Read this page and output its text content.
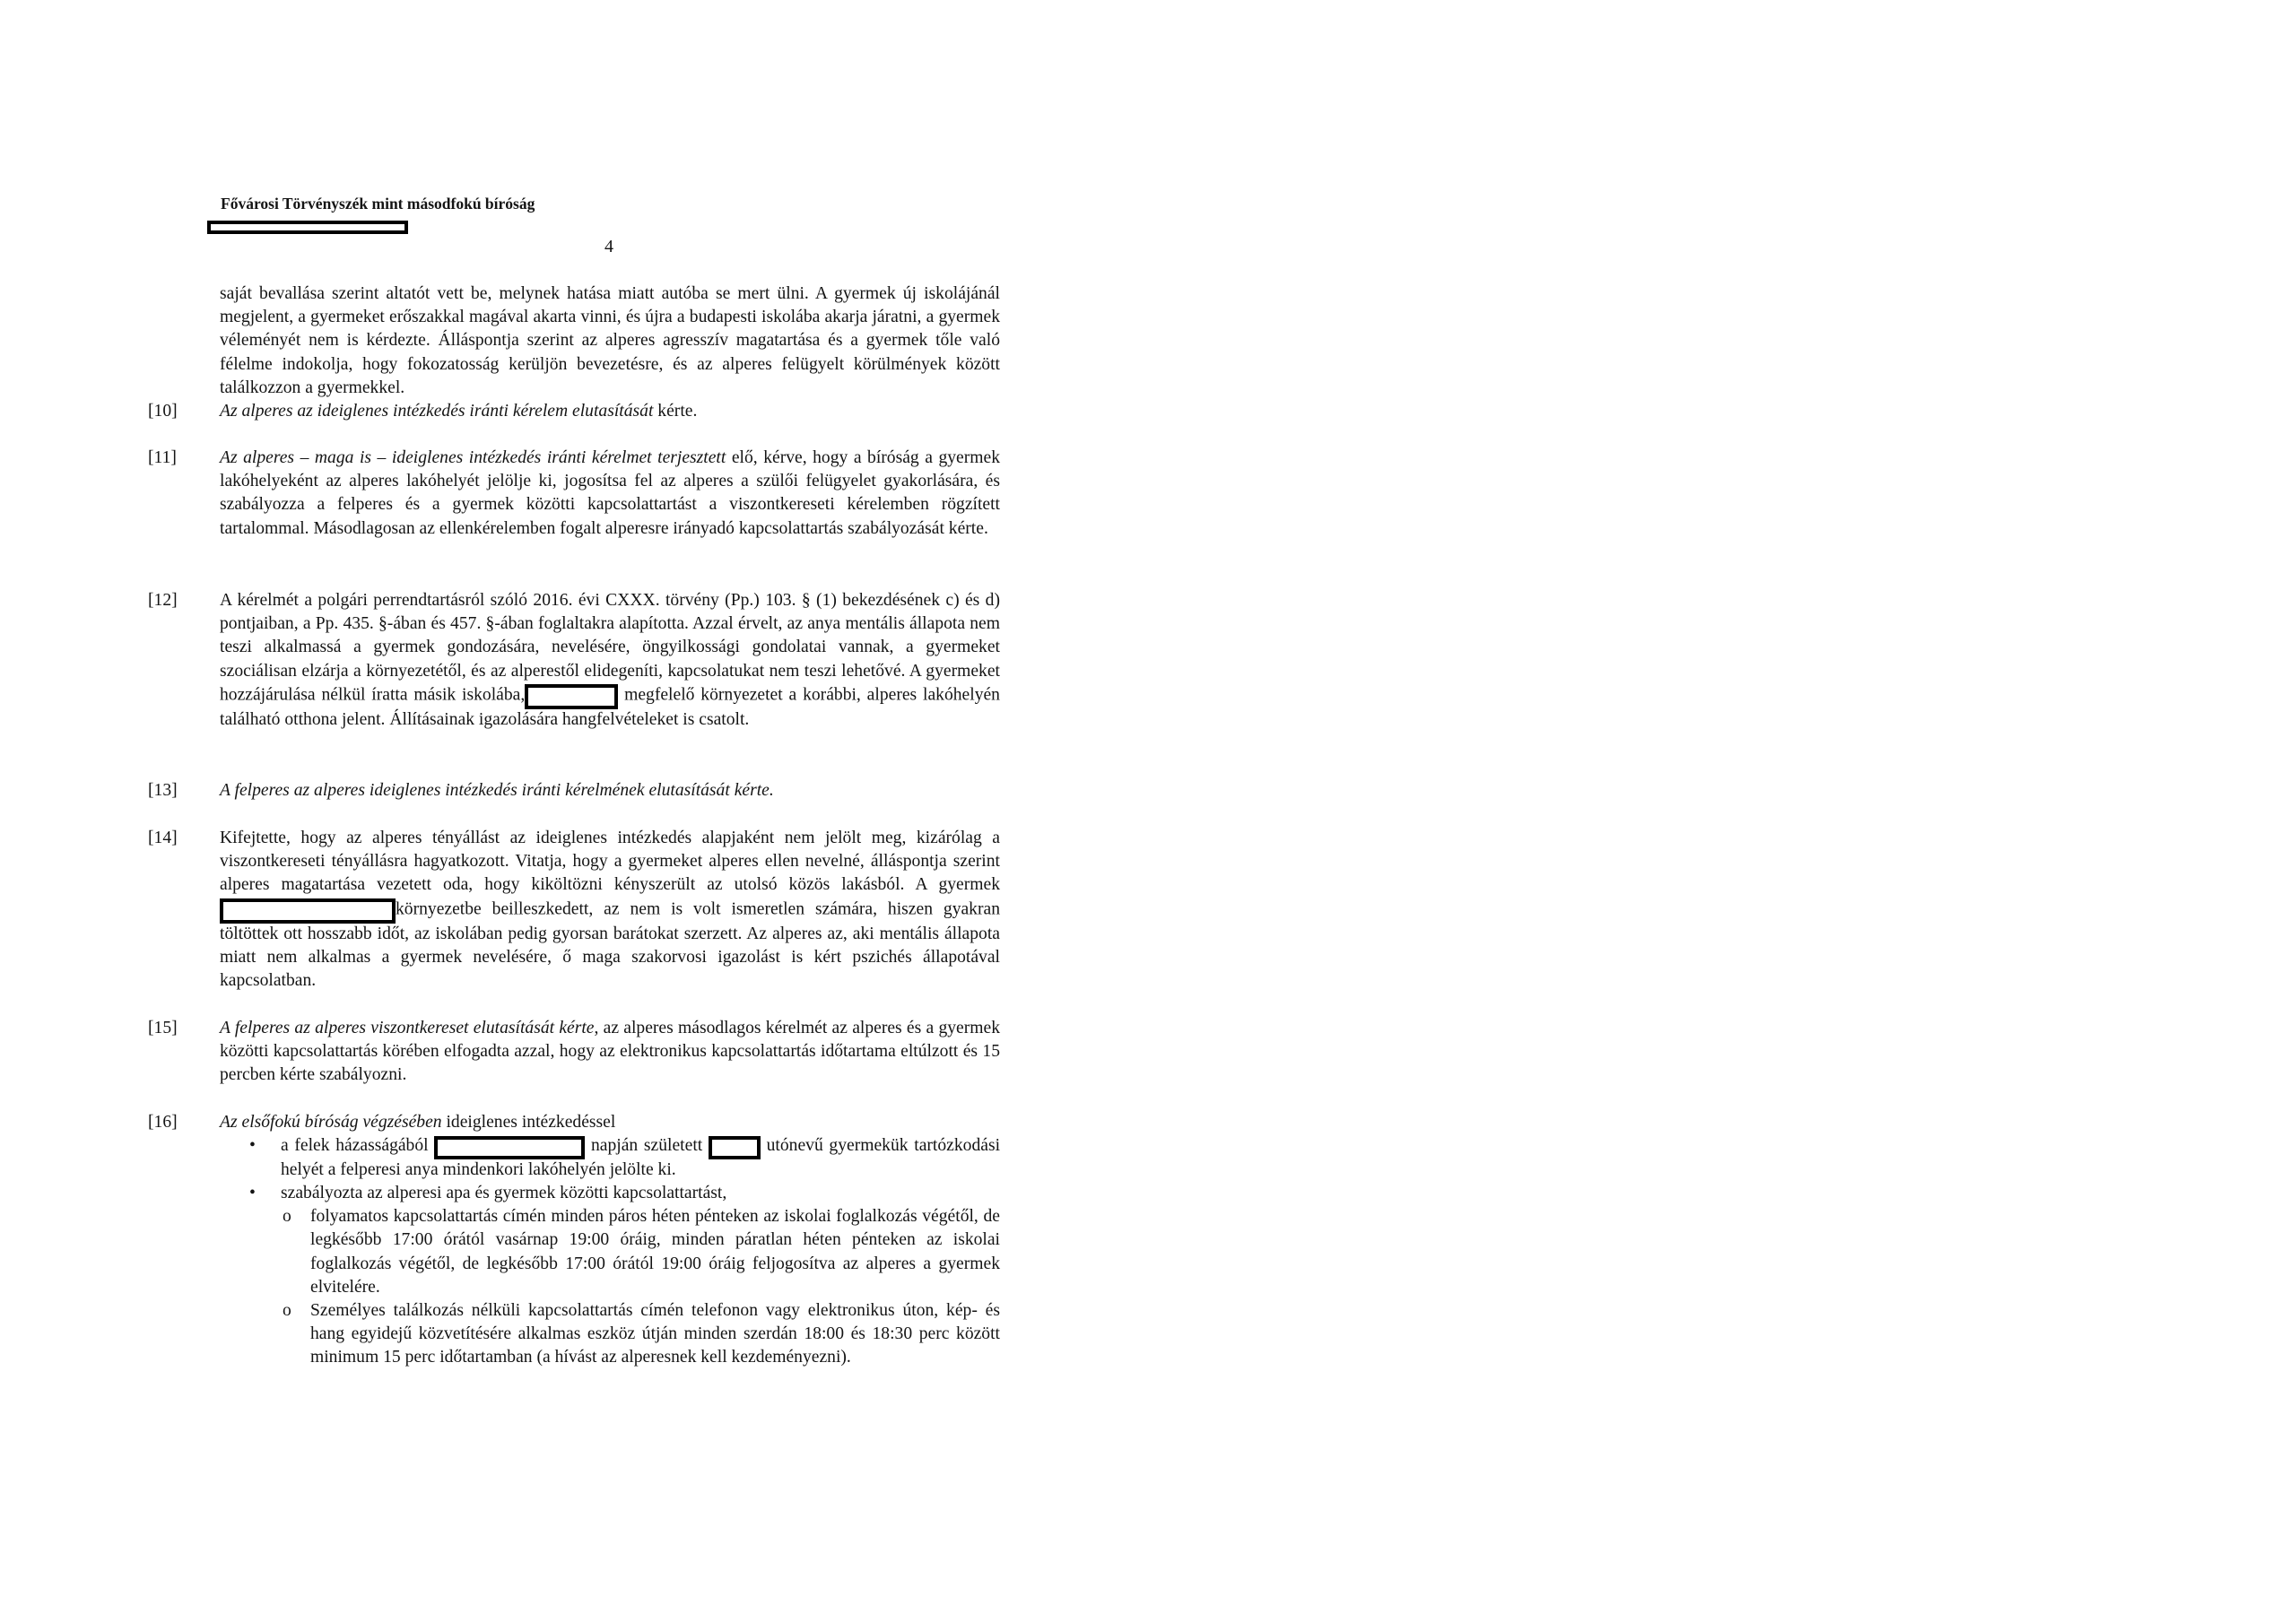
Fővárosi Törvényszék mint másodfokú bíróság
4
saját bevallása szerint altatót vett be, melynek hatása miatt autóba se mert ülni. A gyermek új iskolájánál megjelent, a gyermeket erőszakkal magával akarta vinni, és újra a budapesti iskolába akarja járatni, a gyermek véleményét nem is kérdezte. Álláspontja szerint az alperes agresszív magatartása és a gyermek tőle való félelme indokolja, hogy fokozatosság kerüljön bevezetésre, és az alperes felügyelt körülmények között találkozzon a gyermekkel.
[10]	Az alperes az ideiglenes intézkedés iránti kérelem elutasítását kérte.
[11]	Az alperes – maga is – ideiglenes intézkedés iránti kérelmet terjesztett elő, kérve, hogy a bíróság a gyermek lakóhelyeként az alperes lakóhelyét jelölje ki, jogosítsa fel az alperes a szülői felügyelet gyakorlására, és szabályozza a felperes és a gyermek közötti kapcsolattartást a viszontkereseti kérelemben rögzített tartalommal. Másodlagosan az ellenkérelemben fogalt alperesre irányadó kapcsolattartás szabályozását kérte.
[12]	A kérelmét a polgári perrendtartásról szóló 2016. évi CXXX. törvény (Pp.) 103. § (1) bekezdésének c) és d) pontjaiban, a Pp. 435. §-ában és 457. §-ában foglaltakra alapította. Azzal érvelt, az anya mentális állapota nem teszi alkalmassá a gyermek gondozására, nevelésére, öngyilkossági gondolatai vannak, a gyermeket szociálisan elzárja a környezetétől, és az alperestől elidegeníti, kapcsolatukat nem teszi lehetővé. A gyermeket hozzájárulása nélkül íratta másik iskolába,	megfelelő környezetet a korábbi, alperes lakóhelyén található otthona jelent. Állításainak igazolására hangfelvételeket is csatolt.
[13]	A felperes az alperes ideiglenes intézkedés iránti kérelmének elutasítását kérte.
[14]	Kifejtette, hogy az alperes tényállást az ideiglenes intézkedés alapjaként nem jelölt meg, kizárólag a viszontkereseti tényállásra hagyatkozott. Vitatja, hogy a gyermeket alperes ellen nevelné, álláspontja szerint alperes magatartása vezetett oda, hogy kiköltözni kényszerült az utolsó közös lakásból. A gyermek környezetbe beilleszkedett, az nem is volt ismeretlen számára, hiszen gyakran töltöttek ott hosszabb időt, az iskolában pedig gyorsan barátokat szerzett. Az alperes az, aki mentális állapota miatt nem alkalmas a gyermek nevelésére, ő maga szakorvosi igazolást is kért pszichés állapotával kapcsolatban.
[15]	A felperes az alperes viszontkereset elutasítását kérte, az alperes másodlagos kérelmét az alperes és a gyermek közötti kapcsolattartás körében elfogadta azzal, hogy az elektronikus kapcsolattartás időtartama eltúlzott és 15 percben kérte szabályozni.
[16]	Az elsőfokú bíróság végzésében ideiglenes intézkedéssel
• a felek házasságából	napján született	utónevű gyermekük tartózkodási helyét a felperesi anya mindenkori lakóhelyén jelölte ki.
• szabályozta az alperesi apa és gyermek közötti kapcsolattartást,
o folyamatos kapcsolattartás címén minden páros héten pénteken az iskolai foglalkozás végétől, de legkésőbb 17:00 órától vasárnap 19:00 óráig, minden páratlan héten pénteken az iskolai foglalkozás végétől, de legkésőbb 17:00 órától 19:00 óráig feljogosítva az alperes a gyermek elvitelére.
o Személyes találkozás nélküli kapcsolattartás címén telefonon vagy elektronikus úton, kép- és hang egyidejű közvetítésére alkalmas eszköz útján minden szerdán 18:00 és 18:30 perc között minimum 15 perc időtartamban (a hívást az alperesnek kell kezdeményezni).
